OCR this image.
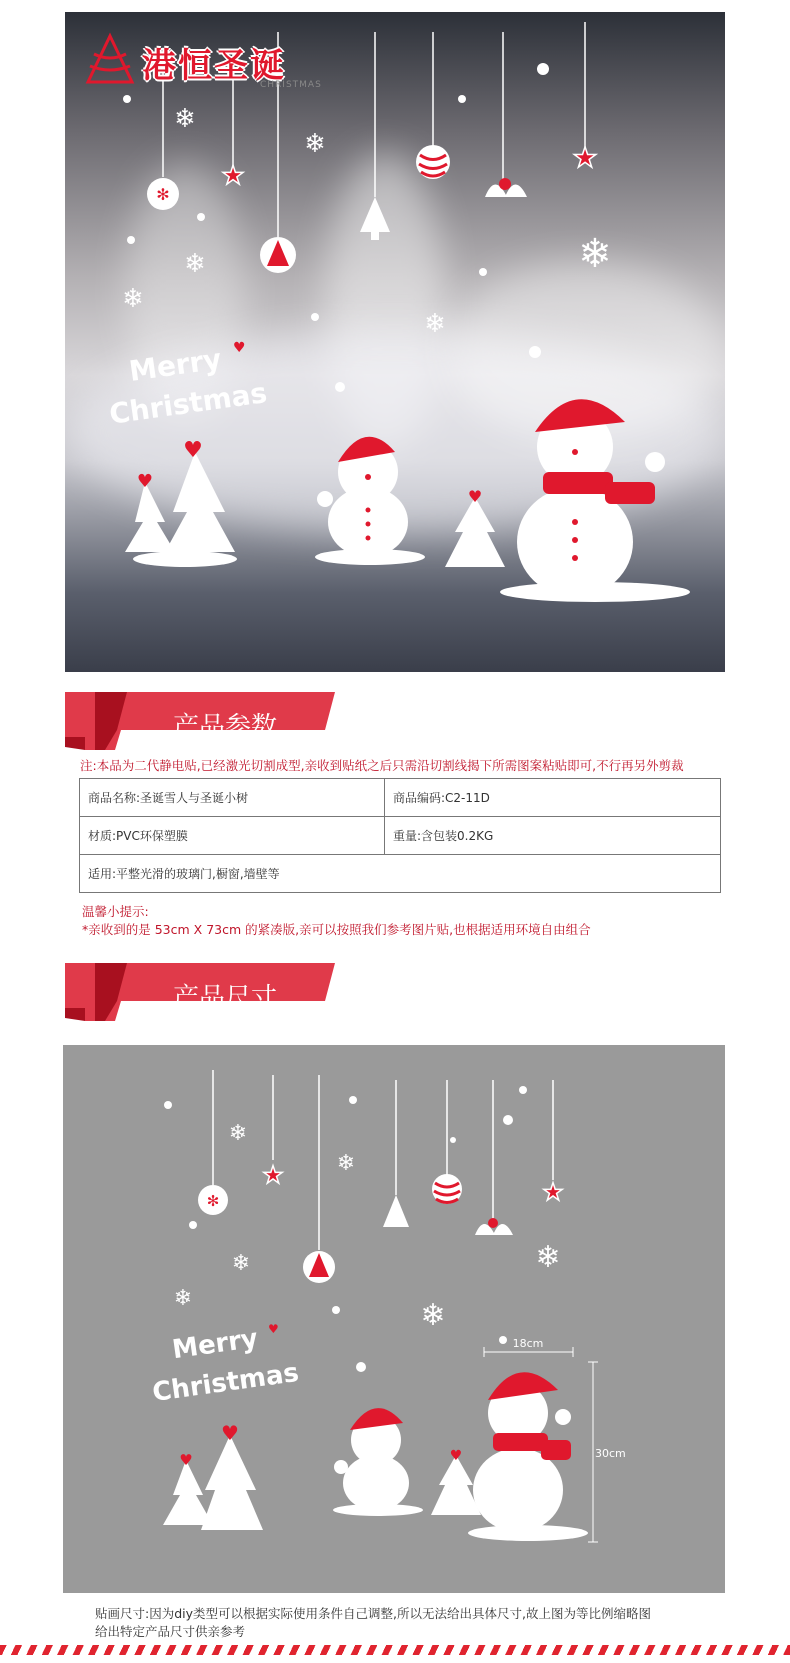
✻
★
★
❄
❄
❄
❄
❄
❄
Merry
Christmas
♥
♥
♥
♥
港恒圣诞
CHRISTMAS
产品参数
注:本品为二代静电贴,已经激光切割成型,亲收到贴纸之后只需沿切割线揭下所需图案粘贴即可,不行再另外剪裁
商品名称:圣诞雪人与圣诞小树	商品编码:C2-11D
材质:PVC环保塑膜	重量:含包装0.2KG
适用:平整光滑的玻璃门,橱窗,墙壁等	
温馨小提示:
*亲收到的是 53cm X 73cm 的紧凑版,亲可以按照我们参考图片贴,也根据适用环境自由组合
产品尺寸
✻
★
★
❄
❄
❄
❄	❄
❄
Merry
Christmas
♥
♥
♥
♥
18cm
30cm
贴画尺寸:因为diy类型可以根据实际使用条件自己调整,所以无法给出具体尺寸,故上图为等比例缩略图
给出特定产品尺寸供亲参考
